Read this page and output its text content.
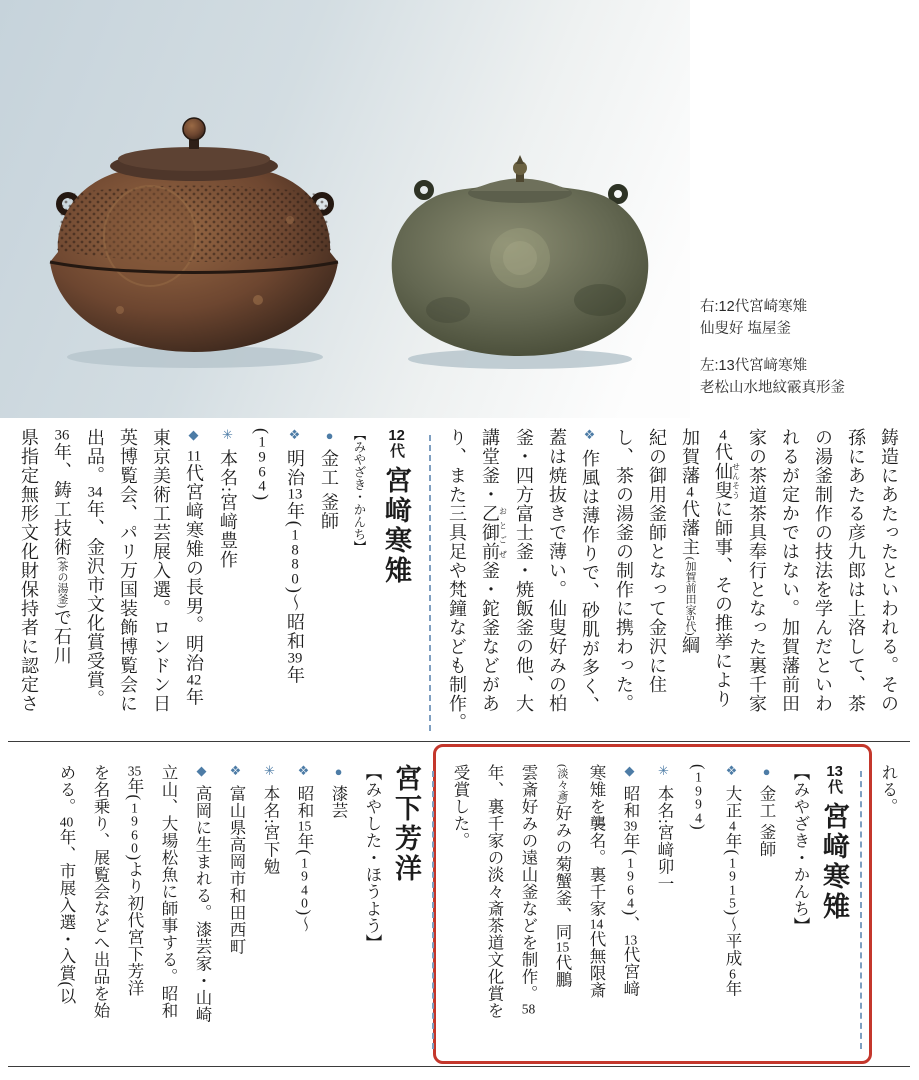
右:12代宮崎寒雉
仙叟好 塩屋釜

左:13代宮﨑寒雉
老松山水地紋霰真形釜

鋳造にあたったといわれる。その
孫にあたる彦九郎は上洛して、茶
の湯釜制作の技法を学んだといわ
れるが定かではない。加賀藩前田
家の茶道茶具奉行となった裏千家
4代仙叟せんそうに師事、その推挙により
加賀藩4代藩主(加賀前田家5代)綱
紀の御用釜師となって金沢に住
し、茶の湯釜の制作に携わった。
❖作風は薄作りで、砂肌が多く、
蓋は焼抜きで薄い。仙叟好みの柏
釜・四方富士釜・焼飯釜の他、大
講堂釜・乙御前おとごぜ釜・鉈釜などがあ
り、また三具足や梵鐘なども制作。
12代宮﨑寒雉
【みやざき・かんち】
●金工 釜師
❖明治13年(1880)〜昭和39年
(1964)
✳本名:宮﨑豊作
◆11代宮﨑寒雉の長男。明治42年
東京美術工芸展入選。ロンドン日
英博覧会、パリ万国装飾博覧会に
出品。34年、金沢市文化賞受賞。
36年、鋳工技術(茶の湯釜)で石川
県指定無形文化財保持者に認定さ
れる。
13代宮﨑寒雉
【みやざき・かんち】
●金工 釜師
❖大正4年(1915)〜平成6年
(1994)
✳本名:宮﨑卯一
◆昭和39年(1964)、13代宮﨑
寒雉を襲名。裏千家14代無限斎
(淡々斎)好みの菊蟹釜、同15代鵬
雲斎好みの遠山釜などを制作。58
年、裏千家の淡々斎茶道文化賞を
受賞した。
宮下芳洋
【みやした・ほうよう】
●漆芸
❖昭和15年(1940)〜
✳本名:宮下勉
❖富山県高岡市和田西町
◆高岡に生まれる。漆芸家・山崎
立山、大場松魚に師事する。昭和
35年(1960)より初代宮下芳洋
を名乗り、展覧会などへ出品を始
める。40年、市展入選・入賞(以
